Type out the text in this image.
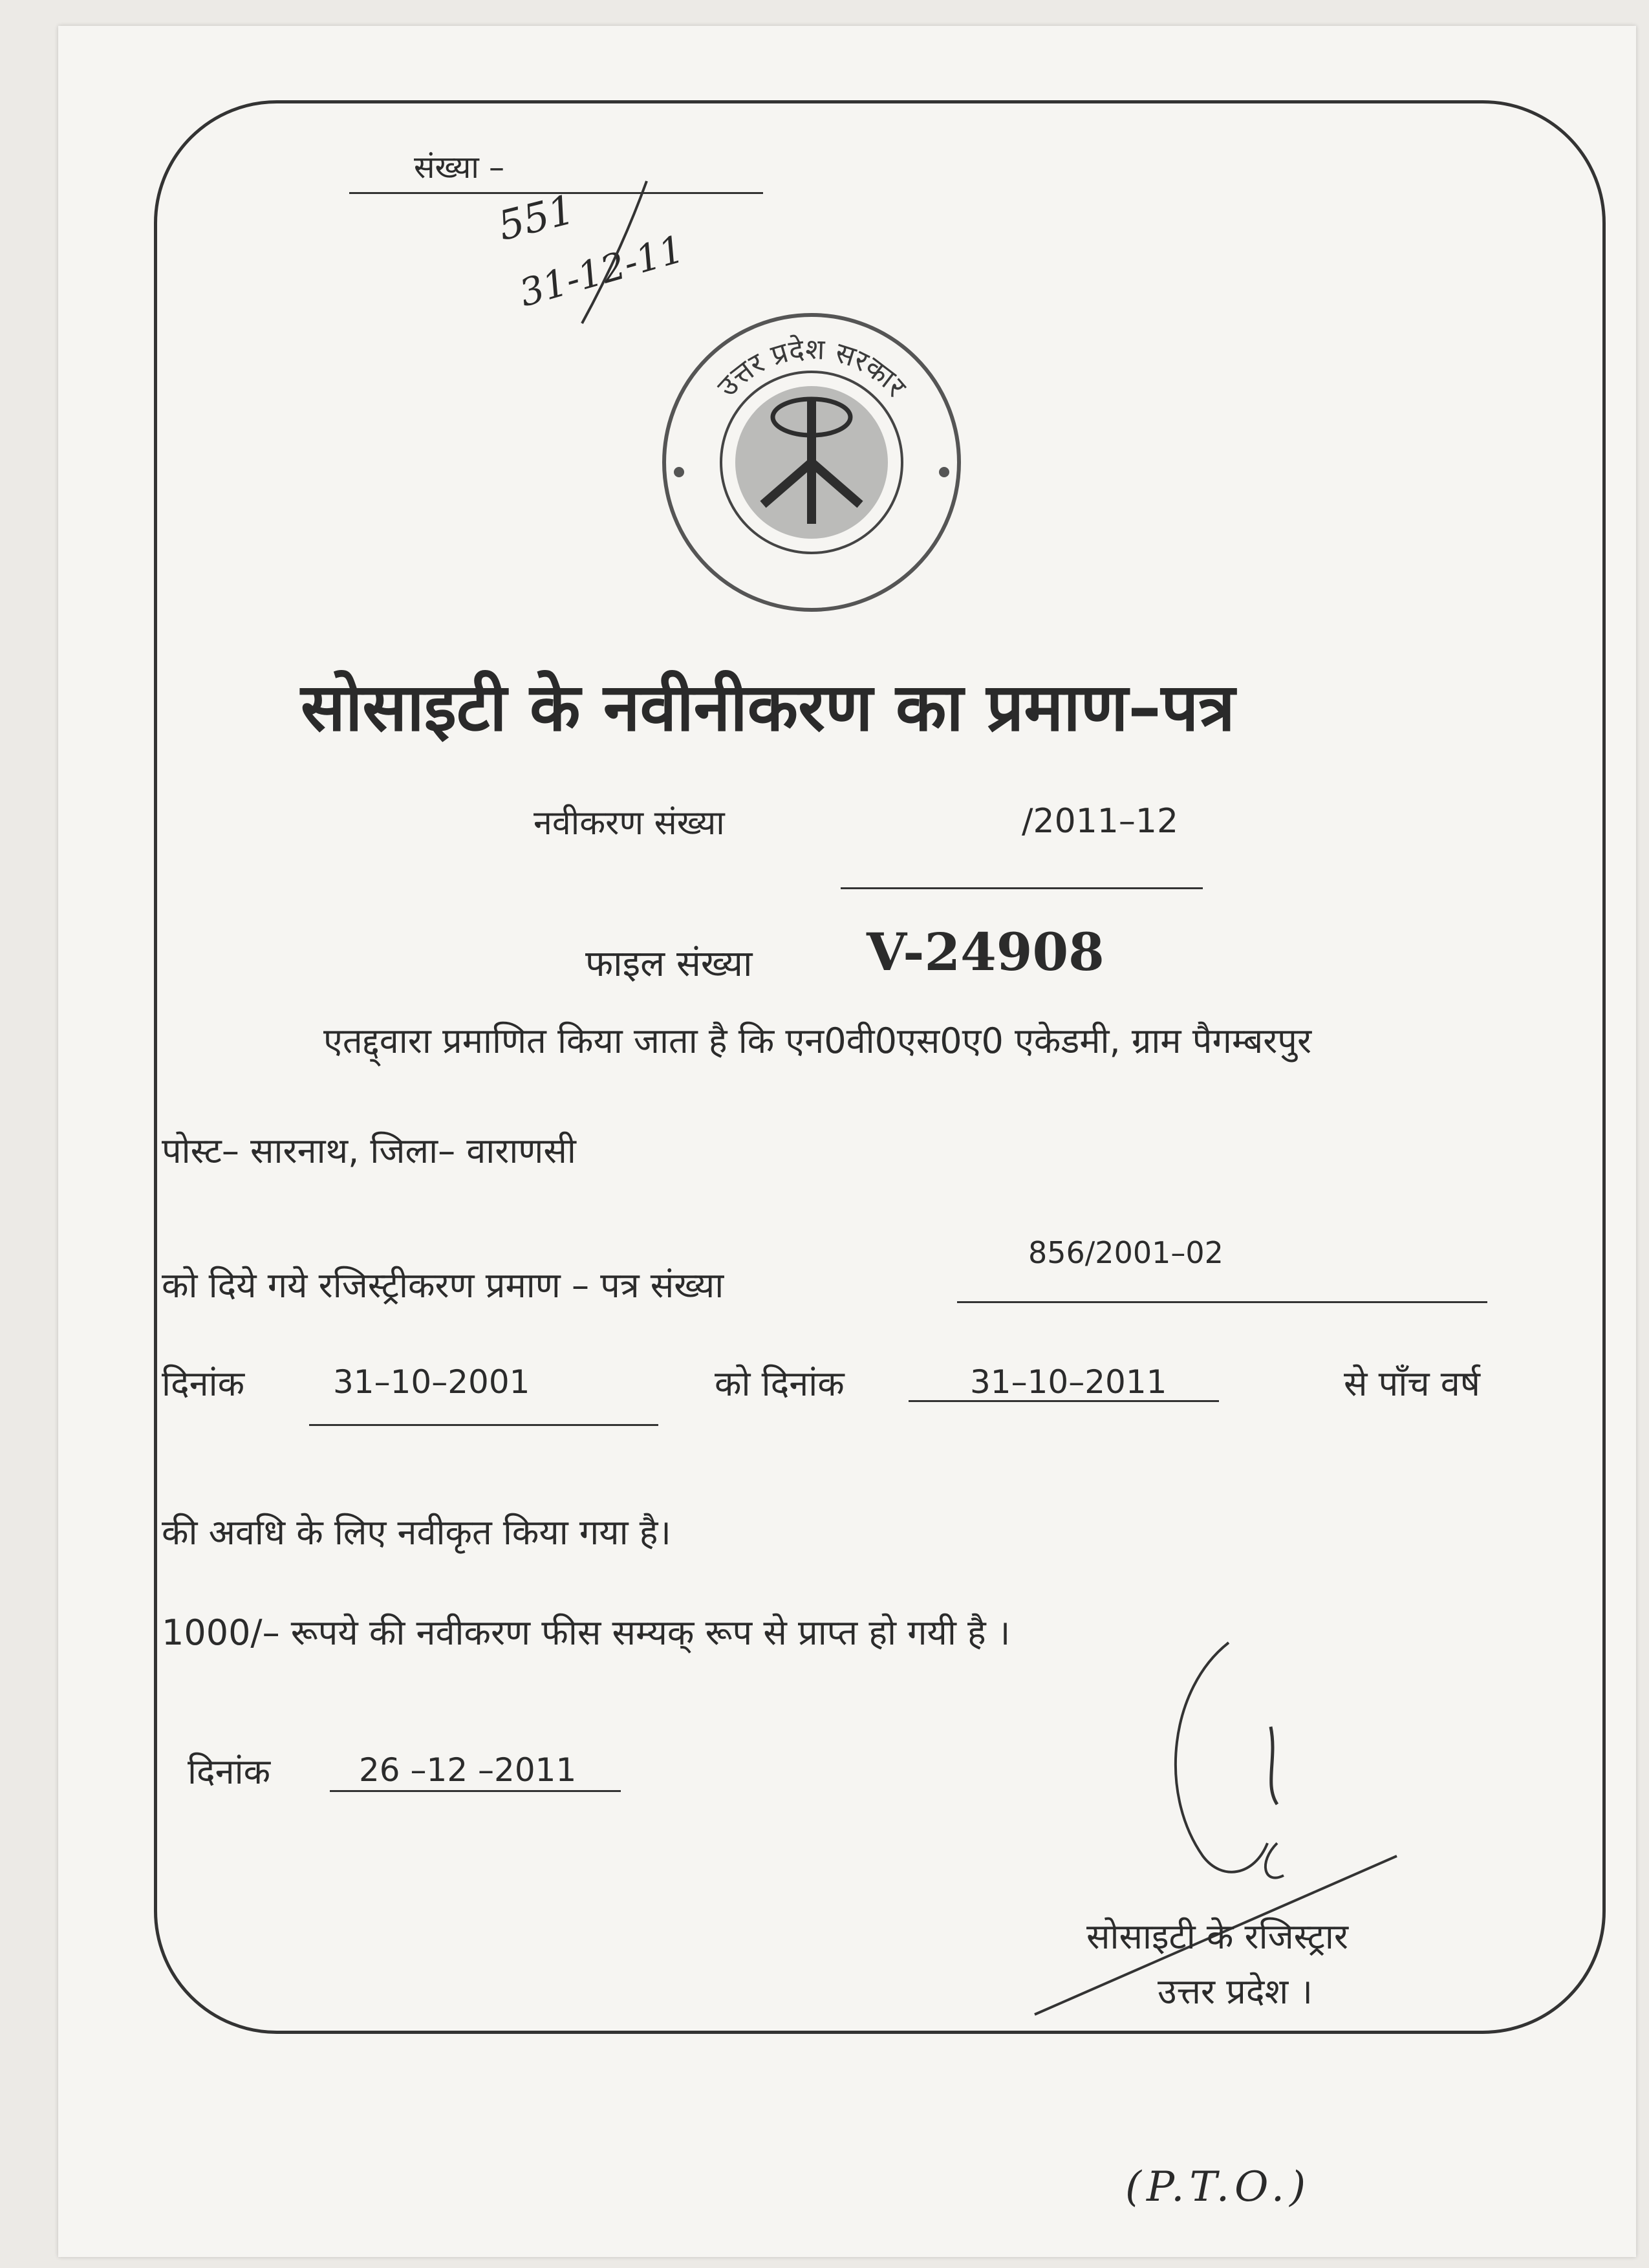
संख्या –
551
31-12-11
उत्तर प्रदेश सरकार
सोसाइटी के नवीनीकरण का प्रमाण–पत्र
नवीकरण संख्या	/2011–12
फाइल संख्या V-24908
एतद्द्वारा प्रमाणित किया जाता है कि एन0वी0एस0ए0 एकेडमी, ग्राम पैगम्बरपुर
पोस्ट– सारनाथ, जिला– वाराणसी
को दिये गये रजिस्ट्रीकरण प्रमाण – पत्र संख्या
856/2001–02
दिनांक	31–10–2001	को दिनांक	31–10–2011	से पाँच वर्ष
की अवधि के लिए नवीकृत किया गया है।
1000/– रूपये की नवीकरण फीस सम्यक् रूप से प्राप्त हो गयी है ।
दिनांक	26 –12 –2011
सोसाइटी के रजिस्ट्रार
उत्तर प्रदेश ।
(P.T.O.)
